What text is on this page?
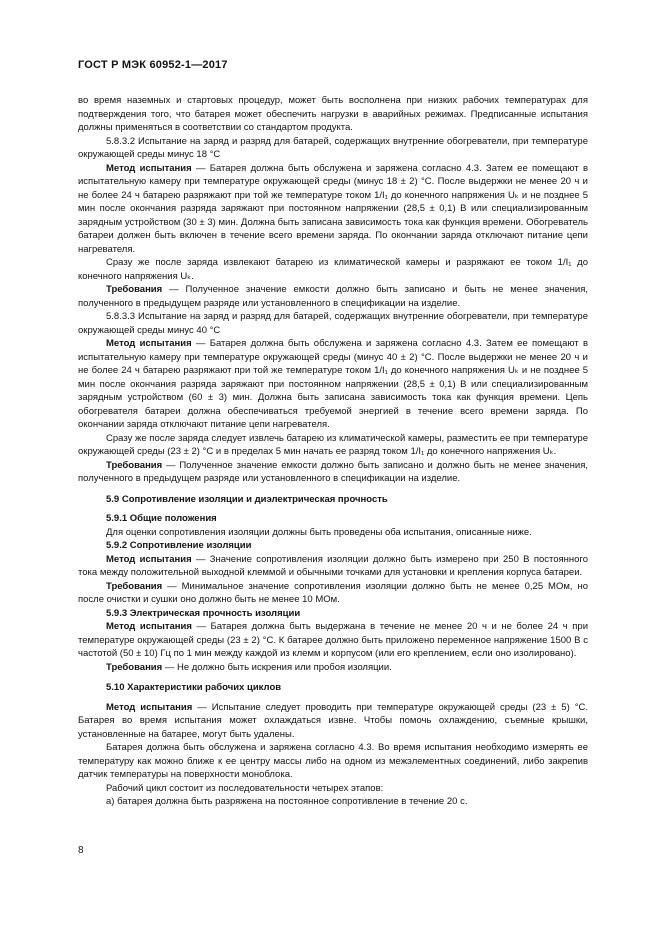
ГОСТ Р МЭК 60952-1—2017

во время наземных и стартовых процедур, может быть восполнена при низких рабочих температурах для подтверждения того, что батарея может обеспечить нагрузки в аварийных режимах. Предписанные испытания должны применяться в соответствии со стандартом продукта.

5.8.3.2 Испытание на заряд и разряд для батарей, содержащих внутренние обогреватели, при температуре окружающей среды минус 18 °C

Метод испытания — Батарея должна быть обслужена и заряжена согласно 4.3. Затем ее помещают в испытательную камеру при температуре окружающей среды (минус 18 ± 2) °C. После выдержки не менее 20 ч и не более 24 ч батарею разряжают при той же температуре током 1/I₁ до конечного напряжения Uₖ и не позднее 5 мин после окончания разряда заряжают при постоянном напряжении (28,5 ± 0,1) В или специализированным зарядным устройством (30 ± 3) мин. Должна быть записана зависимость тока как функция времени. Обогреватель батареи должен быть включен в течение всего времени заряда. По окончании заряда отключают питание цепи нагревателя.

Сразу же после заряда извлекают батарею из климатической камеры и разряжают ее током 1/I₁ до конечного напряжения Uₖ.

Требования — Полученное значение емкости должно быть записано и быть не менее значения, полученного в предыдущем разряде или установленного в спецификации на изделие.

5.8.3.3 Испытание на заряд и разряд для батарей, содержащих внутренние обогреватели, при температуре окружающей среды минус 40 °C

Метод испытания — Батарея должна быть обслужена и заряжена согласно 4.3. Затем ее помещают в испытательную камеру при температуре окружающей среды (минус 40 ± 2) °C. После выдержки не менее 20 ч и не более 24 ч батарею разряжают при той же температуре током 1/I₁ до конечного напряжения Uₖ и не позднее 5 мин после окончания разряда заряжают при постоянном напряжении (28,5 ± 0,1) В или специализированным зарядным устройством (60 ± 3) мин. Должна быть записана зависимость тока как функция времени. Цепь обогревателя батареи должна обеспечиваться требуемой энергией в течение всего времени заряда. По окончании заряда отключают питание цепи нагревателя.

Сразу же после заряда следует извлечь батарею из климатической камеры, разместить ее при температуре окружающей среды (23 ± 2) °C и в пределах 5 мин начать ее разряд током 1/I₁ до конечного напряжения Uₖ.

Требования — Полученное значение емкости должно быть записано и должно быть не менее значения, полученного в предыдущем разряде или установленного в спецификации на изделие.

5.9 Сопротивление изоляции и диэлектрическая прочность

5.9.1 Общие положения

Для оценки сопротивления изоляции должны быть проведены оба испытания, описанные ниже.

5.9.2 Сопротивление изоляции

Метод испытания — Значение сопротивления изоляции должно быть измерено при 250 В постоянного тока между положительной выходной клеммой и обычными точками для установки и крепления корпуса батареи.

Требования — Минимальное значение сопротивления изоляции должно быть не менее 0,25 МОм, но после очистки и сушки оно должно быть не менее 10 МОм.

5.9.3 Электрическая прочность изоляции

Метод испытания — Батарея должна быть выдержана в течение не менее 20 ч и не более 24 ч при температуре окружающей среды (23 ± 2) °C. К батарее должно быть приложено переменное напряжение 1500 В с частотой (50 ± 10) Гц по 1 мин между каждой из клемм и корпусом (или его креплением, если оно изолировано).

Требования — Не должно быть искрения или пробоя изоляции.

5.10 Характеристики рабочих циклов

Метод испытания — Испытание следует проводить при температуре окружающей среды (23 ± 5) °C. Батарея во время испытания может охлаждаться извне. Чтобы помочь охлаждению, съемные крышки, установленные на батарее, могут быть удалены.

Батарея должна быть обслужена и заряжена согласно 4.3. Во время испытания необходимо измерять ее температуру как можно ближе к ее центру массы либо на одном из межэлементных соединений, либо закрепив датчик температуры на поверхности моноблока.

Рабочий цикл состоит из последовательности четырех этапов:

а) батарея должна быть разряжена на постоянное сопротивление в течение 20 с.

8
